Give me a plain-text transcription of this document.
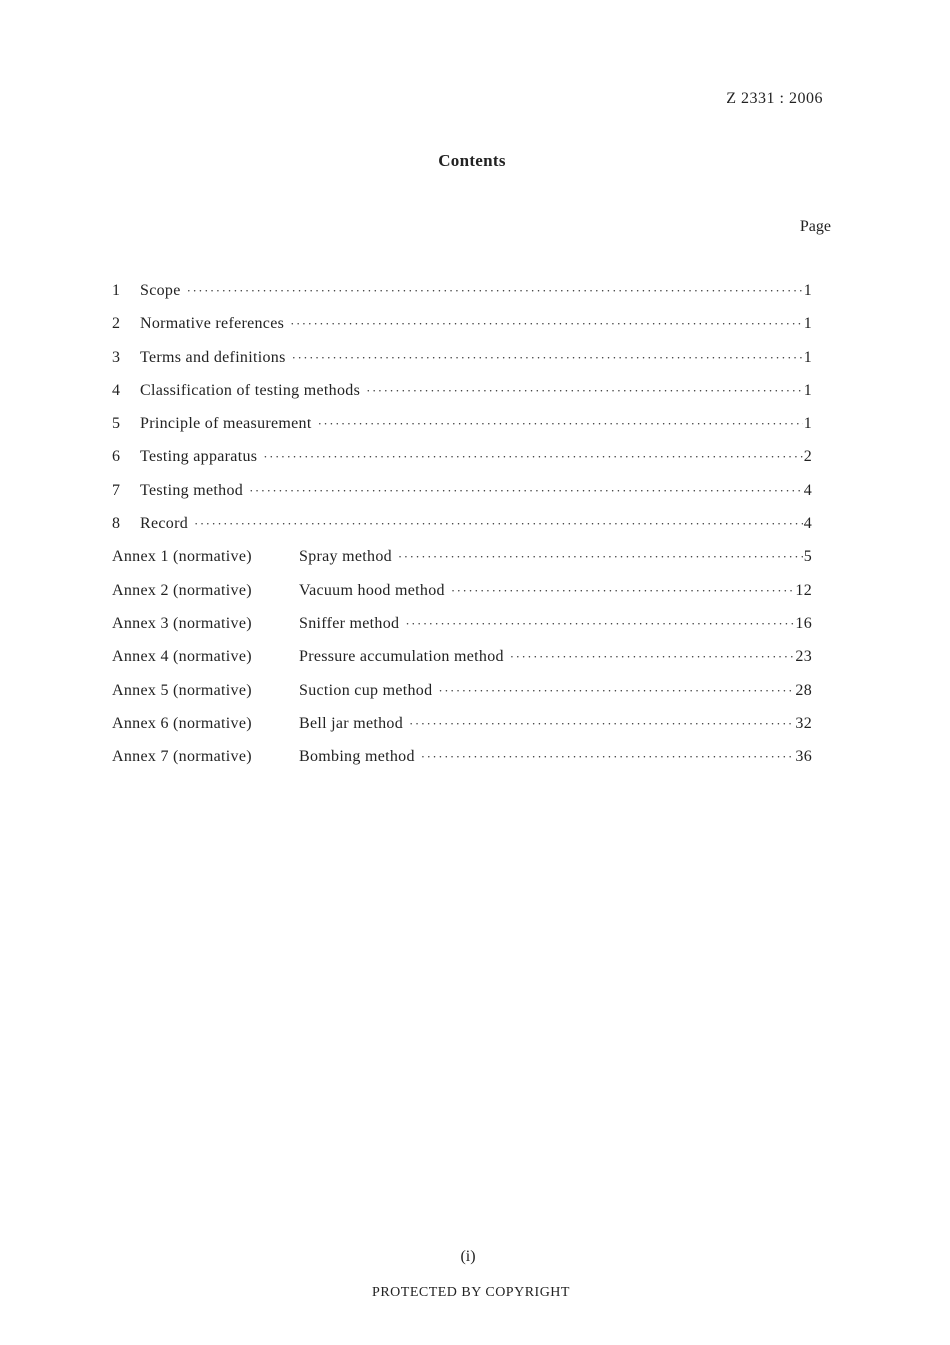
Z 2331 : 2006
Contents
Page
1	Scope ·····	1
2	Normative references ·····	1
3	Terms and definitions ·····	1
4	Classification of testing methods ·····	1
5	Principle of measurement ·····	1
6	Testing apparatus ·····	2
7	Testing method ·····	4
8	Record ·····	4
Annex 1 (normative)	Spray method ·····	5
Annex 2 (normative)	Vacuum hood method ·····	12
Annex 3 (normative)	Sniffer method ·····	16
Annex 4 (normative)	Pressure accumulation method ·····	23
Annex 5 (normative)	Suction cup method ·····	28
Annex 6 (normative)	Bell jar method ·····	32
Annex 7 (normative)	Bombing method ·····	36
(i)
PROTECTED BY COPYRIGHT
